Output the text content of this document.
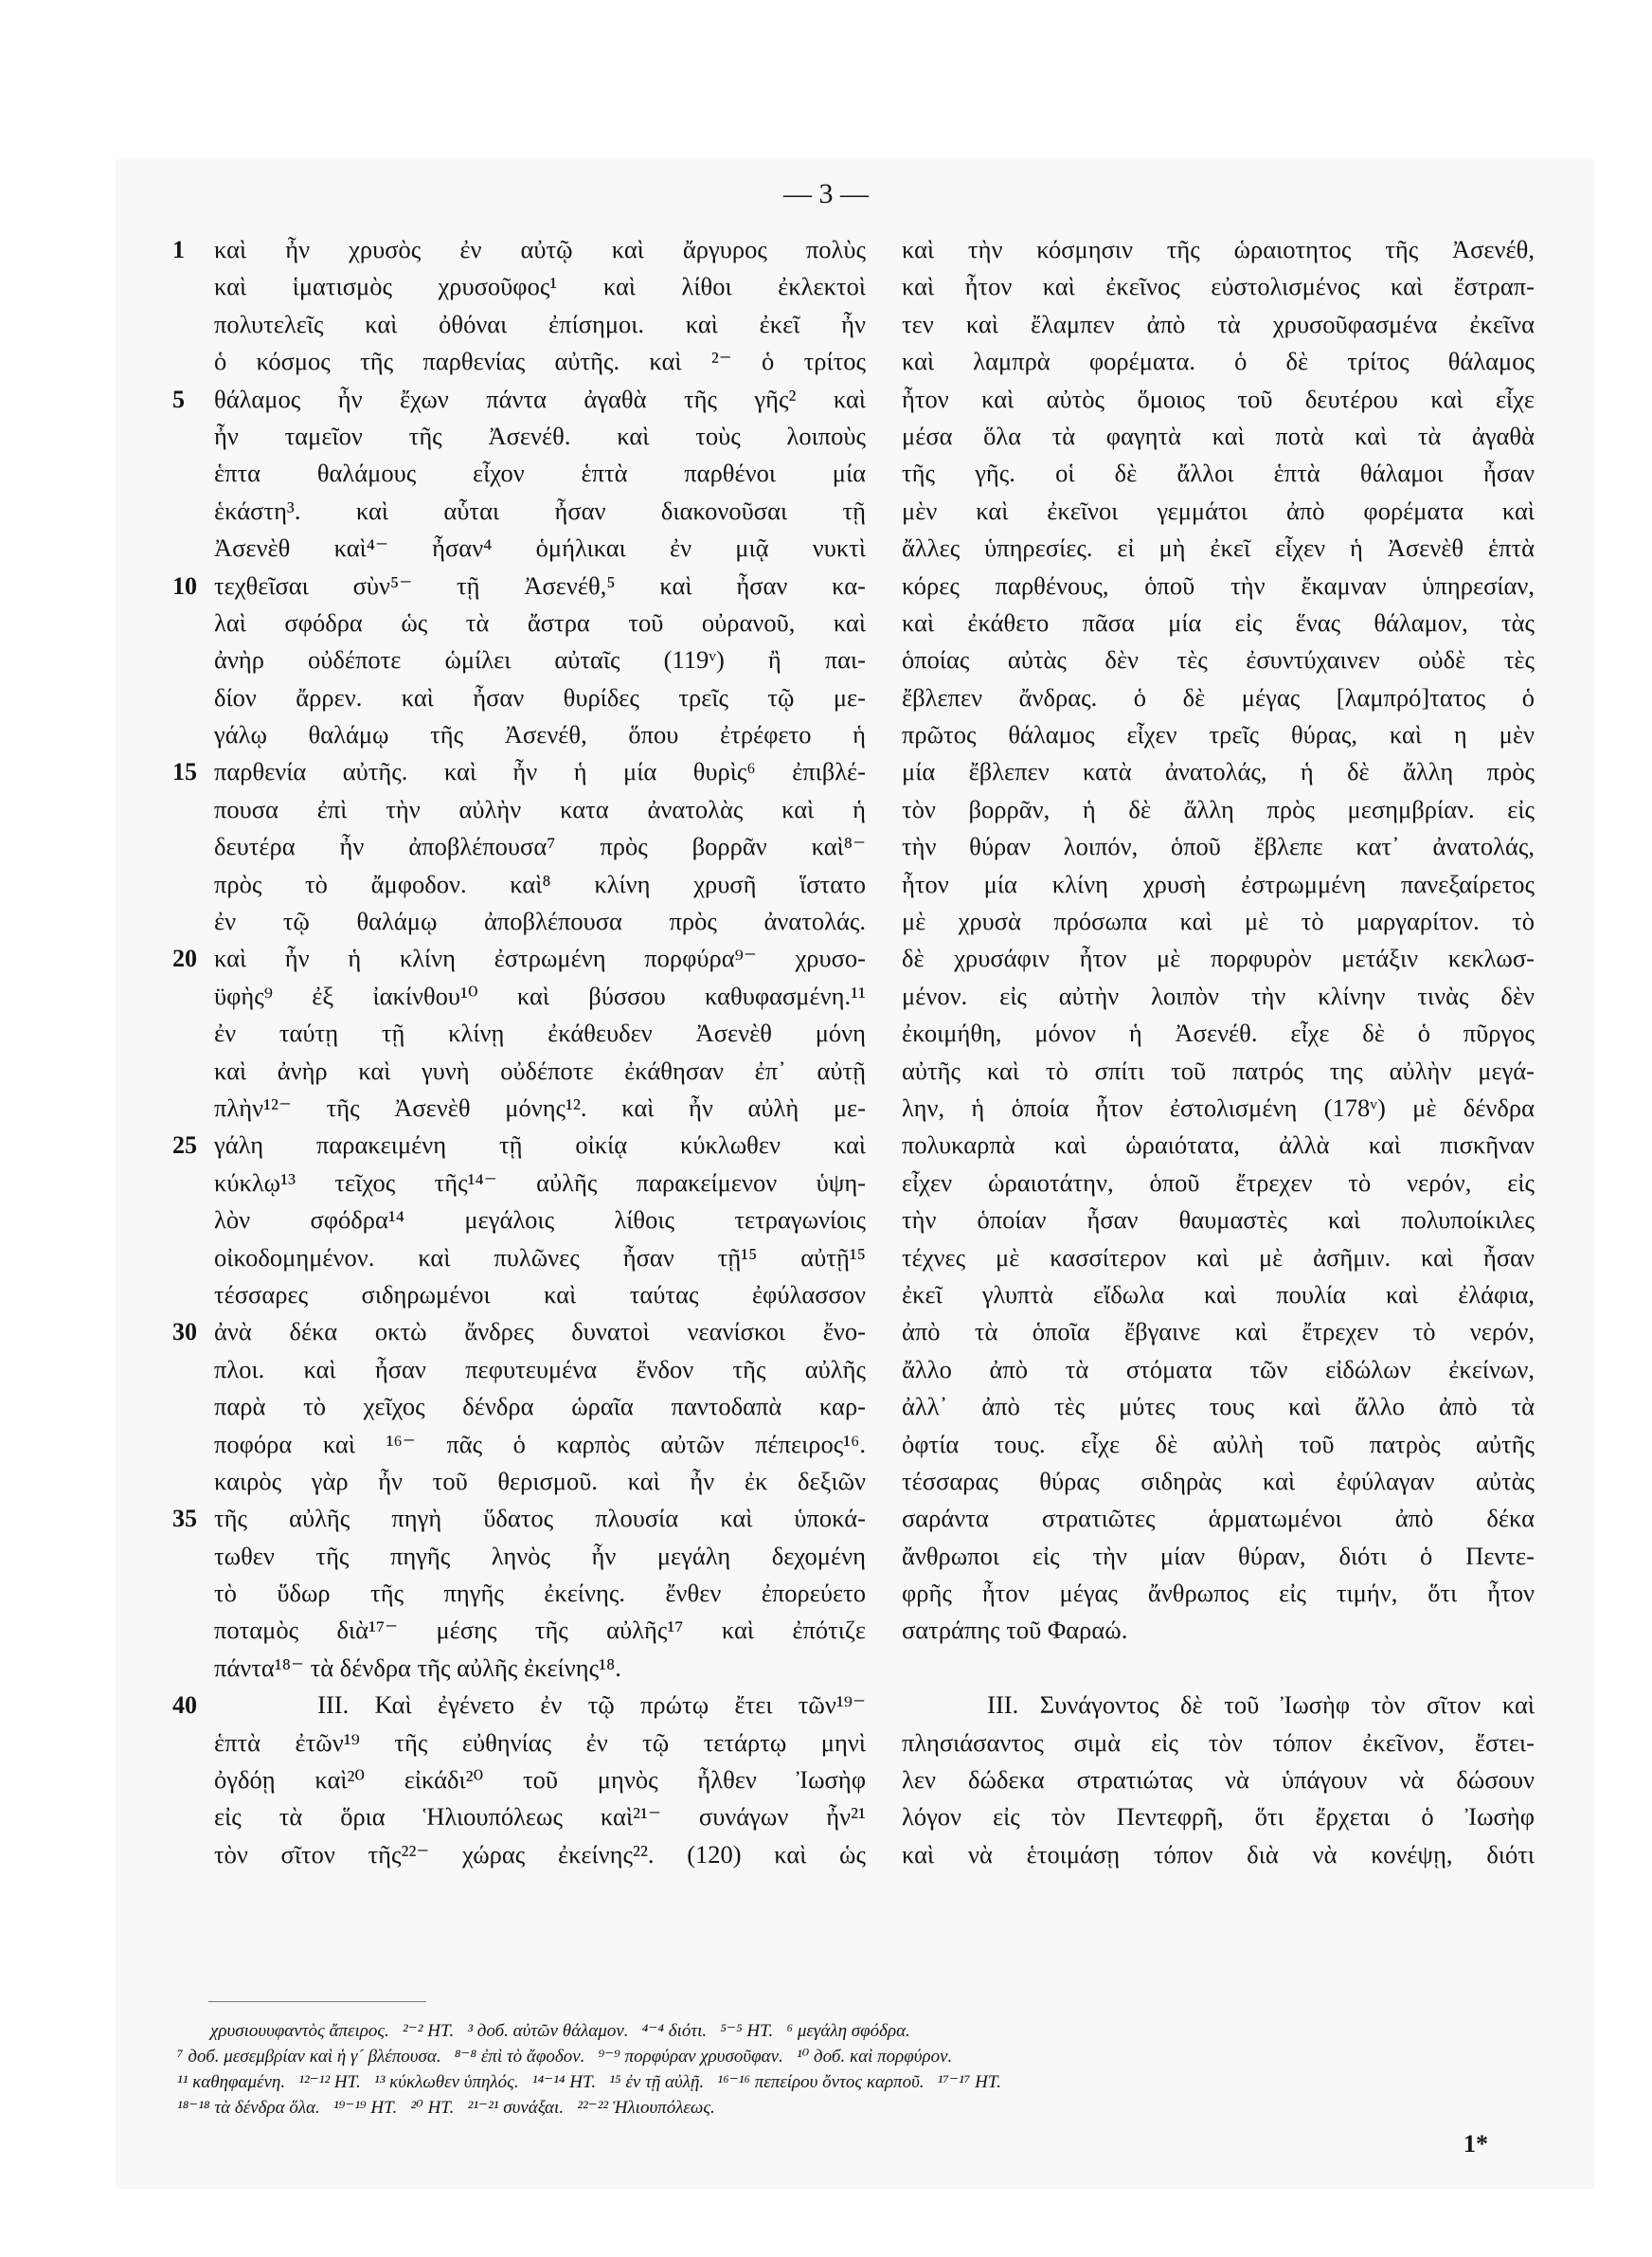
— 3 —
1	καὶ ἦν χρυσὸς ἐν αὐτῷ καὶ ἄργυρος πολὺς
καὶ ἱματισμὸς χρυσοῦφος¹ καὶ λίθοι ἐκλεκτοὶ
πολυτελεῖς καὶ ὀθόναι ἐπίσημοι. καὶ ἐκεῖ ἦν
ὁ κόσμος τῆς παρθενίας αὐτῆς. καὶ ²⁻ ὁ τρίτος
5	θάλαμος ἦν ἔχων πάντα ἀγαθὰ τῆς γῆς² καὶ
ἦν ταμεῖον τῆς Ἀσενέθ. καὶ τοὺς λοιποὺς
ἑπτα θαλάμους εἶχον ἑπτὰ παρθένοι μία
ἑκάστη³. καὶ αὗται ἦσαν διακονοῦσαι τῇ
Ἀσενὲθ καὶ⁴⁻ ἦσαν⁴ ὁμήλικαι ἐν μιᾷ νυκτὶ
10 τεχθεῖσαι σὺν⁵⁻ τῇ Ἀσενέθ,⁵ καὶ ἦσαν κα-
λαὶ σφόδρα ὡς τὰ ἄστρα τοῦ οὐρανοῦ, καὶ
ἀνὴρ οὐδέποτε ὡμίλει αὐταῖς (119ᵛ) ἢ παι-
δίον ἄρρεν. καὶ ἦσαν θυρίδες τρεῖς τῷ με-
γάλῳ θαλάμῳ τῆς Ἀσενέθ, ὅπου ἐτρέφετο ἡ
15 παρθενία αὐτῆς. καὶ ἦν ἡ μία θυρὶς⁶ ἐπιβλέ-
πουσα ἐπὶ τὴν αὐλὴν κατα ἀνατολὰς καὶ ἡ
δευτέρα ἦν ἀποβλέπουσα⁷ πρὸς βορρᾶν καὶ⁸⁻
πρὸς τὸ ἄμφοδον. καὶ⁸ κλίνη χρυσῆ ἵστατο
ἐν τῷ θαλάμῳ ἀποβλέπουσα πρὸς ἀνατολάς.
20 καὶ ἦν ἡ κλίνη ἐστρωμένη πορφύρα⁹⁻ χρυσο-
ϋφὴς⁹ ἐξ ἰακίνθου¹⁰ καὶ βύσσου καθυφασμένη.¹¹
ἐν ταύτῃ τῇ κλίνῃ ἐκάθευδεν Ἀσενὲθ μόνη
καὶ ἀνὴρ καὶ γυνὴ οὐδέποτε ἐκάθησαν ἐπ᾽ αὐτῇ
πλὴν¹²⁻ τῆς Ἀσενὲθ μόνης¹². καὶ ἦν αὐλὴ με-
25 γάλη παρακειμένη τῇ οἰκίᾳ κύκλωθεν καὶ
κύκλῳ¹³ τεῖχος τῆς¹⁴⁻ αὐλῆς παρακείμενον ὑψη-
λὸν σφόδρα¹⁴ μεγάλοις λίθοις τετραγωνίοις
οἰκοδομημένον. καὶ πυλῶνες ἦσαν τῇ¹⁵ αὐτῇ¹⁵
τέσσαρες σιδηρωμένοι καὶ ταύτας ἐφύλασσον
30 ἀνὰ δέκα οκτὼ ἄνδρες δυνατοὶ νεανίσκοι ἔνο-
πλοι. καὶ ἦσαν πεφυτευμένα ἔνδον τῆς αὐλῆς
παρὰ τὸ χεῖχος δένδρα ὡραῖα παντοδαπὰ καρ-
ποφόρα καὶ ¹⁶⁻ πᾶς ὁ καρπὸς αὐτῶν πέπειρος¹⁶.
καιρὸς γὰρ ἦν τοῦ θερισμοῦ. καὶ ἦν ἐκ δεξιῶν
35 τῆς αὐλῆς πηγὴ ὕδατος πλουσία καὶ ὑποκά-
τωθεν τῆς πηγῆς ληνὸς ἦν μεγάλη δεχομένη
τὸ ὕδωρ τῆς πηγῆς ἐκείνης. ἔνθεν ἐπορεύετο
ποταμὸς διὰ¹⁷⁻ μέσης τῆς αὐλῆς¹⁷ καὶ ἐπότιζε
πάντα¹⁸⁻ τὰ δένδρα τῆς αὐλῆς ἐκείνης¹⁸.
40 III. Καὶ ἐγένετο ἐν τῷ πρώτῳ ἔτει τῶν¹⁹⁻
ἑπτὰ ἐτῶν¹⁹ τῆς εὐθηνίας ἐν τῷ τετάρτῳ μηνὶ
ὀγδόῃ καὶ²⁰ εἰκάδι²⁰ τοῦ μηνὸς ἦλθεν Ἰωσὴφ
εἰς τὰ ὅρια Ἡλιουπόλεως καὶ²¹⁻ συνάγων ἦν²¹
τὸν σῖτον τῆς²²⁻ χώρας ἐκείνης²². (120) καὶ ὡς
καὶ τὴν κόσμησιν τῆς ὡραιοτητος τῆς Ἀσενέθ,
καὶ ἦτον καὶ ἐκεῖνος εὐστολισμένος καὶ ἔστραπ-
τεν καὶ ἔλαμπεν ἀπὸ τὰ χρυσοῦφασμένα ἐκεῖνα
καὶ λαμπρὰ φορέματα. ὁ δὲ τρίτος θάλαμος
ἦτον καὶ αὐτὸς ὅμοιος τοῦ δευτέρου καὶ εἶχε
μέσα ὅλα τὰ φαγητὰ καὶ ποτὰ καὶ τὰ ἀγαθὰ
τῆς γῆς. οἱ δὲ ἄλλοι ἑπτὰ θάλαμοι ἦσαν
μὲν καὶ ἐκεῖνοι γεμμάτοι ἀπὸ φορέματα καὶ
ἄλλες ὑπηρεσίες. εἰ μὴ ἐκεῖ εἶχεν ἡ Ἀσενὲθ ἑπτὰ
κόρες παρθένους, ὁποῦ τὴν ἔκαμναν ὑπηρεσίαν,
καὶ ἐκάθετο πᾶσα μία εἰς ἕνας θάλαμον, τὰς
ὁποίας αὐτὰς δὲν τὲς ἐσυντύχαινεν οὐδὲ τὲς
ἔβλεπεν ἄνδρας. ὁ δὲ μέγας [λαμπρό]τατος ὁ
πρῶτος θάλαμος εἶχεν τρεῖς θύρας, καὶ η μὲν
μία ἔβλεπεν κατὰ ἀνατολάς, ἡ δὲ ἄλλη πρὸς
τὸν βορρᾶν, ἡ δὲ ἄλλη πρὸς μεσημβρίαν. εἰς
τὴν θύραν λοιπόν, ὁποῦ ἔβλεπε κατ᾽ ἀνατολάς,
ἦτον μία κλίνη χρυσὴ ἐστρωμμένη πανεξαίρετος
μὲ χρυσὰ πρόσωπα καὶ μὲ τὸ μαργαρίτον. τὸ
δὲ χρυσάφιν ἦτον μὲ πορφυρὸν μετάξιν κεκλωσ-
μένον. εἰς αὐτὴν λοιπὸν τὴν κλίνην τινὰς δὲν
ἐκοιμήθη, μόνον ἡ Ἀσενέθ. εἶχε δὲ ὁ πῦργος
αὐτῆς καὶ τὸ σπίτι τοῦ πατρός της αὐλὴν μεγά-
λην, ἡ ὁποία ἦτον ἐστολισμένη (178ᵛ) μὲ δένδρα
πολυκαρπὰ καὶ ὡραιότατα, ἀλλὰ καὶ πισκῆναν
εἶχεν ὡραιοτάτην, ὁποῦ ἔτρεχεν τὸ νερόν, εἰς
τὴν ὁποίαν ἦσαν θαυμαστὲς καὶ πολυποίκιλες
τέχνες μὲ κασσίτερον καὶ μὲ ἀσῆμιν. καὶ ἦσαν
ἐκεῖ γλυπτὰ εἴδωλα καὶ πουλία καὶ ἐλάφια,
ἀπὸ τὰ ὁποῖα ἔβγαινε καὶ ἔτρεχεν τὸ νερόν,
ἄλλο ἀπὸ τὰ στόματα τῶν εἰδώλων ἐκείνων,
ἀλλ᾽ ἀπὸ τὲς μύτες τους καὶ ἄλλο ἀπὸ τὰ
ὀφτία τους. εἶχε δὲ αὐλὴ τοῦ πατρὸς αὐτῆς
τέσσαρας θύρας σιδηρὰς καὶ ἐφύλαγαν αὐτὰς
σαράντα στρατιῶτες ἁρματωμένοι ἀπὸ δέκα
ἄνθρωποι εἰς τὴν μίαν θύραν, διότι ὁ Πεντε-
φρῆς ἦτον μέγας ἄνθρωπος εἰς τιμήν, ὅτι ἦτον
σατράπης τοῦ Φαραώ.
III. Συνάγοντος δὲ τοῦ Ἰωσὴφ τὸν σῖτον καὶ
πλησιάσαντος σιμὰ εἰς τὸν τόπον ἐκεῖνον, ἔστει-
λεν δώδεκα στρατιώτας νὰ ὑπάγουν νὰ δώσουν
λόγον εἰς τὸν Πεντεφρῆ, ὅτι ἔρχεται ὁ Ἰωσὴφ
καὶ νὰ ἑτοιμάσῃ τόπον διὰ νὰ κονέψῃ, διότι
χρυσιουυφαντὸς ἄπειρος.   ²⁻² НТ.   ³ доб. αὐτῶν θάλαμον.   ⁴⁻⁴ διότι.   ⁵⁻⁵ НТ.   ⁶ μεγάλη σφόδρα.
⁷ доб. μεσεμβρίαν καὶ ἡ γ´ βλέπουσα.   ⁸⁻⁸ ἐπὶ τὸ ἄφοδον.   ⁹⁻⁹ πορφύραν χρυσοῦφαν.   ¹⁰ доб. καὶ πορφύρον.
¹¹ καθηφαμένη.   ¹²⁻¹² НТ.   ¹³ κύκλωθεν ὑπηλός.   ¹⁴⁻¹⁴ НТ.   ¹⁵ ἐν τῇ αὐλῇ.   ¹⁶⁻¹⁶ πεπείρου ὄντος καρποῦ.   ¹⁷⁻¹⁷ НТ.
¹⁸⁻¹⁸ τὰ δένδρα ὅλα.   ¹⁹⁻¹⁹ НТ.   ²⁰ НТ.   ²¹⁻²¹ συνάξαι.   ²²⁻²² Ἡλιουπόλεως.
1*
